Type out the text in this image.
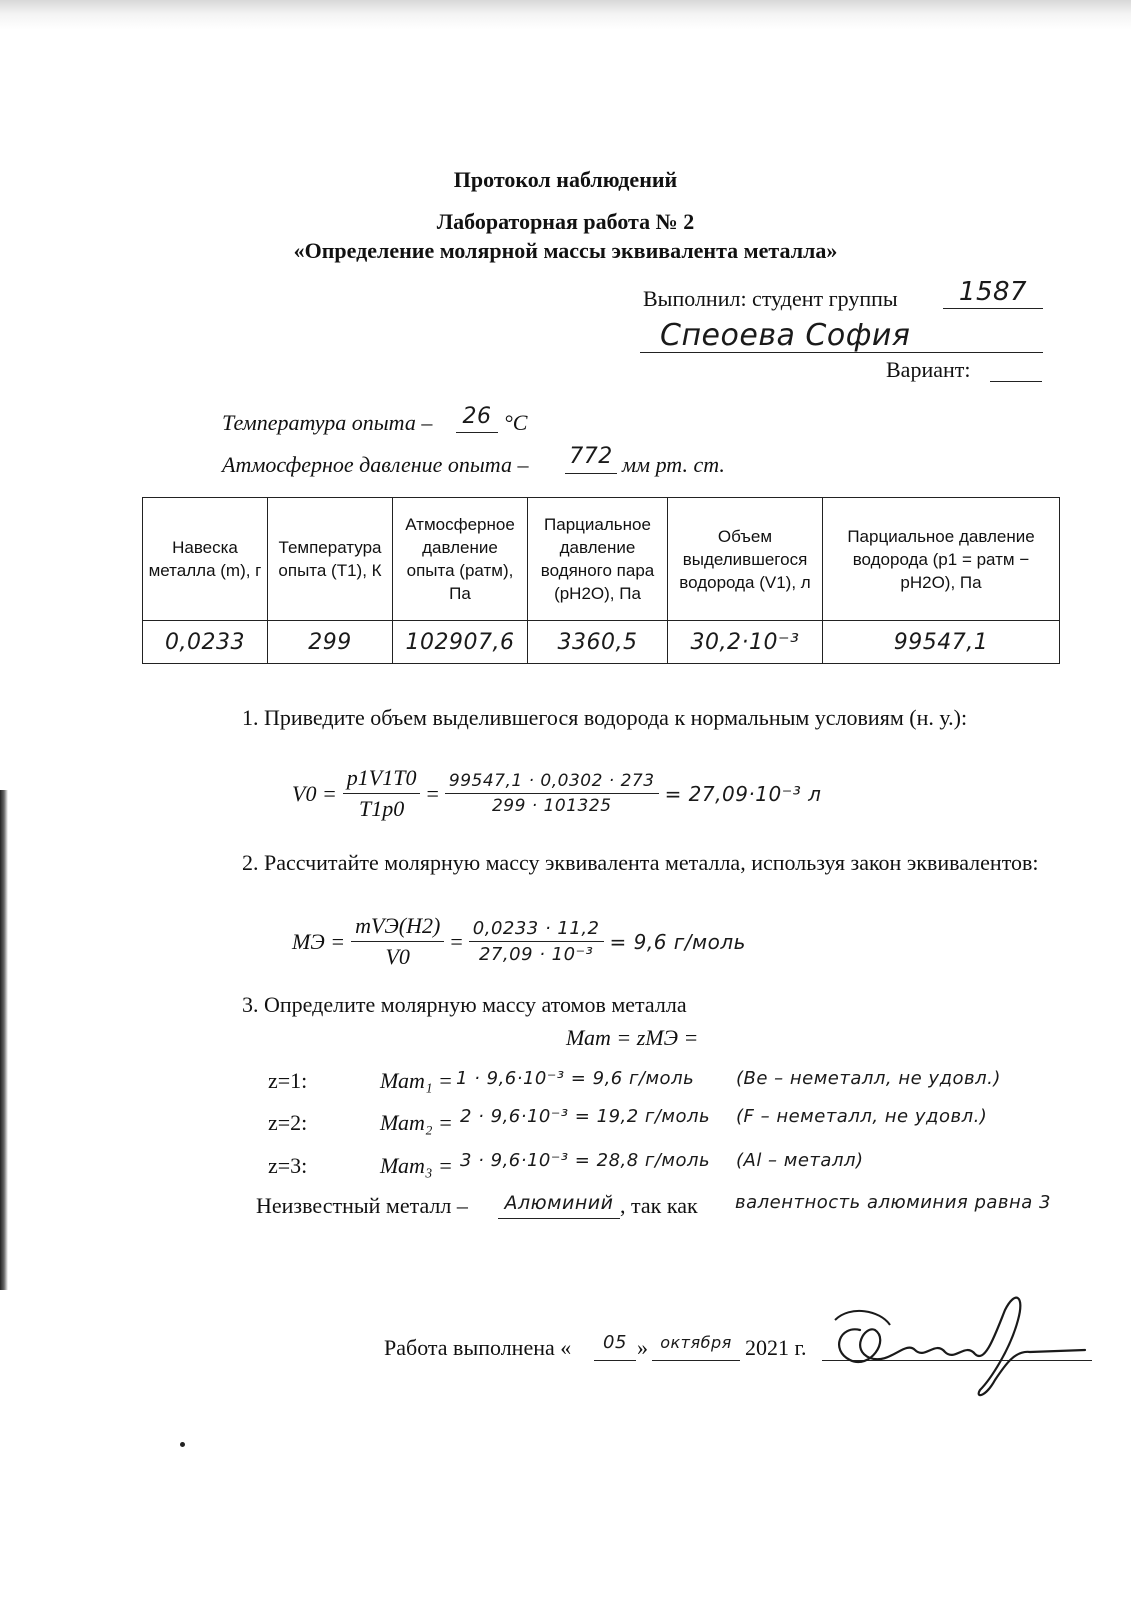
Протокол наблюдений
Лабораторная работа № 2
«Определение молярной массы эквивалента металла»
Выполнил: студент группы	1587
Спеоева София
Вариант:
Температура опыта – 26 °С
Атмосферное давление опыта – 772 мм рт. ст.
Навеска металла (m), г	Температура опыта (T1), К	Атмосферное давление опыта (pатм), Па	Парциальное давление водяного пара (pH2O), Па	Объем выделившегося водорода (V1), л	Парциальное давление водорода (p1 = pатм − pH2O), Па
0,0233	299	102907,6	3360,5	30,2·10⁻³	99547,1
1. Приведите объем выделившегося водорода к нормальным условиям (н. у.):
$V0 = \frac{p1V1T0}{T1p0} = \frac{99547,1 \cdot 0,0302 \cdot 273}{299 \cdot 101325} = 27,09\cdot 10^{-3}$ л
2. Рассчитайте молярную массу эквивалента металла, используя закон эквивалентов:
MЭ = $\frac{\text{mVЭ(H2)}}{V0} = \frac{0,0233 \cdot 11,2}{\text{27,09 · 10⁻³}} = 9,6$ г/моль
3. Определите молярную массу атомов металла
Мат = zMЭ =
z=1:	Мат₁ = 1 · 9,6·10⁻³ = 9,6 г/моль (Be – неметалл, не удовл.)
z=2:	Мат₂ = 2 · 9,6·10⁻³ = 19,2 г/моль (F – неметалл, не удовл.)
z=3:	Мат₃ = 3 · 9,6·10⁻³ = 28,8 г/моль (Al – металл)
Неизвестный металл –	Алюминий , так как валентность алюминия равна 3
Работа выполнена «	05 » октября 2021 г.
